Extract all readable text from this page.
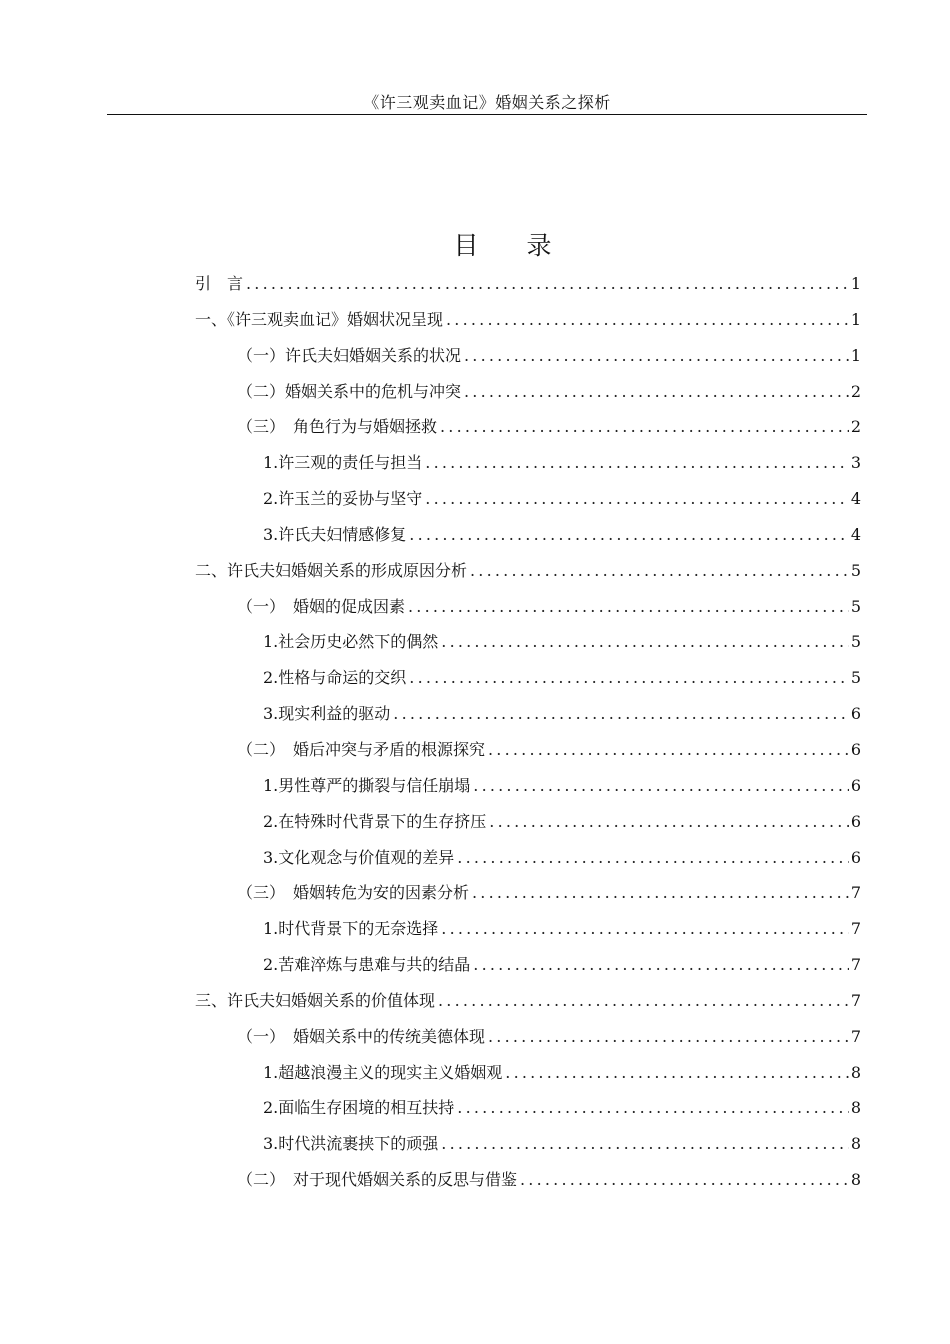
《许三观卖血记》婚姻关系之探析
目 录
引　言 .....	1
一、《许三观卖血记》婚姻状况呈现 .....	1
（一）许氏夫妇婚姻关系的状况 .....	1
（二）婚姻关系中的危机与冲突 .....	2
（三）　角色行为与婚姻拯救 .....	2
1.许三观的责任与担当 .....	3
2.许玉兰的妥协与坚守 .....	4
3.许氏夫妇情感修复 .....	4
二、许氏夫妇婚姻关系的形成原因分析 .....	5
（一）　婚姻的促成因素 .....	5
1.社会历史必然下的偶然 .....	5
2.性格与命运的交织 .....	5
3.现实利益的驱动 .....	6
（二）　婚后冲突与矛盾的根源探究 .....	6
1.男性尊严的撕裂与信任崩塌 .....	6
2.在特殊时代背景下的生存挤压 .....	6
3.文化观念与价值观的差异 .....	6
（三）　婚姻转危为安的因素分析 .....	7
1.时代背景下的无奈选择 .....	7
2.苦难淬炼与患难与共的结晶 .....	7
三、许氏夫妇婚姻关系的价值体现 .....	7
（一）　婚姻关系中的传统美德体现 .....	7
1.超越浪漫主义的现实主义婚姻观 .....	8
2.面临生存困境的相互扶持 .....	8
3.时代洪流裹挟下的顽强 .....	8
（二）　对于现代婚姻关系的反思与借鉴 .....	8
